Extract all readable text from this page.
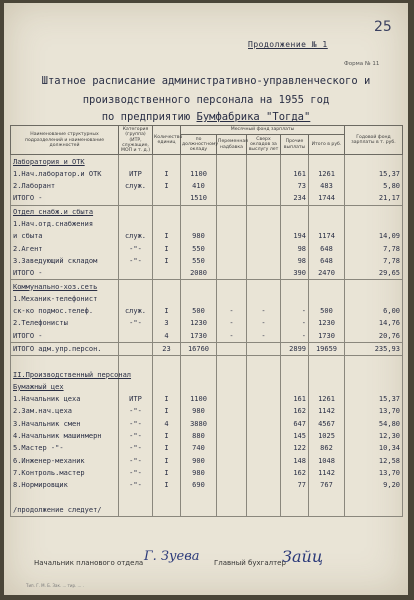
25
Продолжение № 1
Форма № 11
Штатное расписание административно-управленческого и
производственного персонала на 1955 год
по предприятию Бумфабрика "Тогда"
Наименование структурных подразделений и наименование должностей	Категория (группа) (ИТР, служащие, МОП и т. д.)	Количество единиц	Месячный фонд зарплаты					Годовой фонд зарплаты в т. руб.
			по должностному окладу	Переменная надбавка	Сверх окладов за выслугу лет	Прочие выплаты	Итого в руб.	
Лаборатория и ОТК								
1.Нач.лаборатор.и ОТК	ИТР	I	1100			161	1261	15,37
2.Лаборант	служ.	I	410			73	483	5,80
ИТОГО -			1510			234	1744	21,17
Отдел снабж.и сбыта								
1.Нач.отд.снабжения								
и сбыта	служ.	I	980			194	1174	14,09
2.Агент	-"-	I	550			98	648	7,78
3.Заведующий складом	-"-	I	550			98	648	7,78
ИТОГО -			2080			390	2470	29,65
Коммунально-хоз.сеть								
1.Механик-телефонист								
ск-ко подмос.телеф.	служ.	I	500	-	-	-	500	6,00
2.Телефонисты	-"-	3	1230	-	-	-	1230	14,76
ИТОГО -		4	1730	-	-	-	1730	20,76
ИТОГО адм.упр.персон.		23	16760			2899	19659	235,93

II.Производственный персонал								
Бумажный цех								
1.Начальник цеха	ИТР	I	1100			161	1261	15,37
2.Зам.нач.цеха	-"-	I	980			162	1142	13,70
3.Начальник смен	-"-	4	3880			647	4567	54,80
4.Начальник машинмерн	-"-	I	880			145	1025	12,30
5.Мастер -"-	-"-	I	740			122	862	10,34
6.Инженер-механик	-"-	I	900			148	1048	12,58
7.Контроль.мастер	-"-	I	980			162	1142	13,70
8.Нормировщик	-"-	I	690			77	767	9,20

/продолжение следует/								
Начальник планового отдела Г. Зуева Главный бухгалтер
Зайц
Тип. Г. М. Б. Зак. ... тир. ... .
